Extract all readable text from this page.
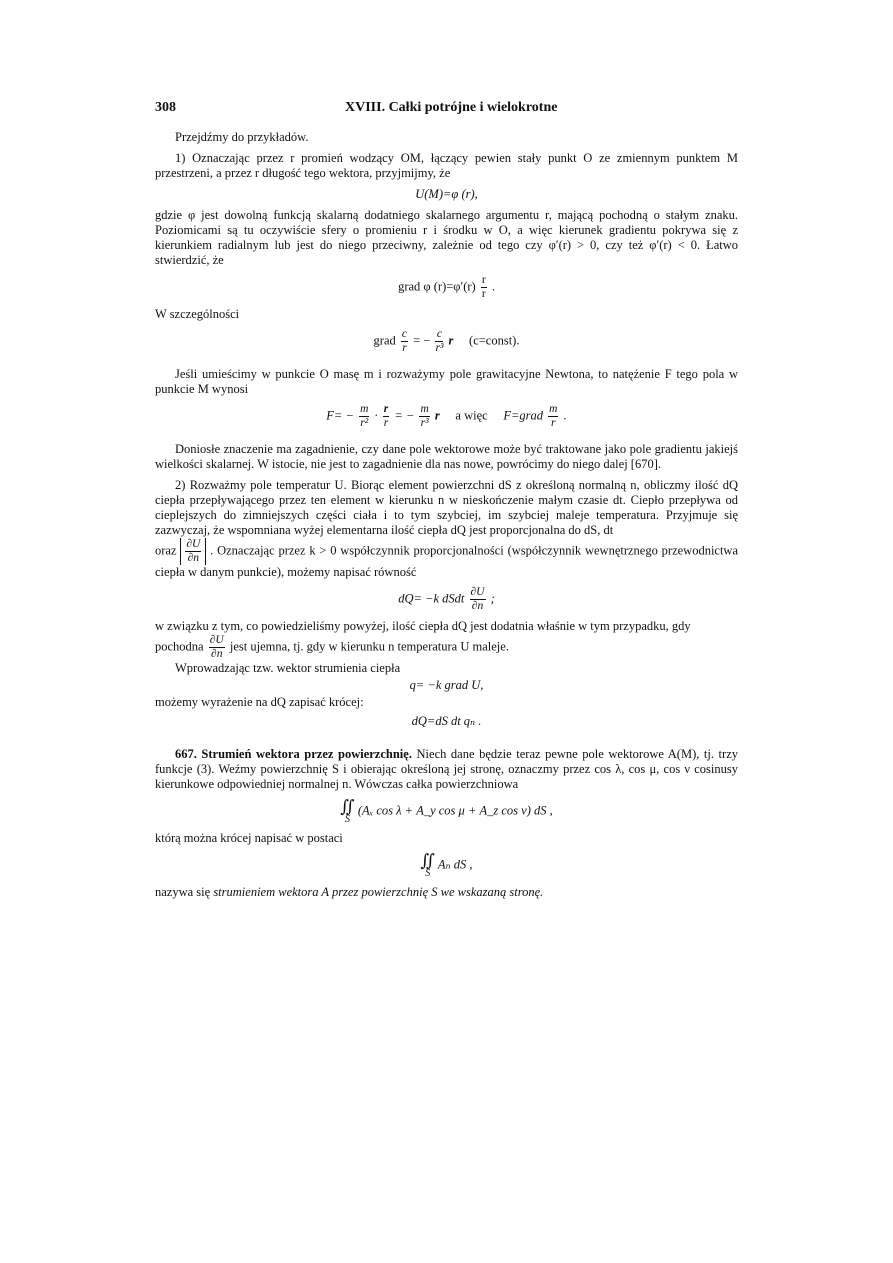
308	XVIII. Całki potrójne i wielokrotne

Przejdźmy do przykładów.

1) Oznaczając przez r promień wodzący OM, łączący pewien stały punkt O ze zmiennym punktem M przestrzeni, a przez r długość tego wektora, przyjmijmy, że

U(M)=φ (r),

gdzie φ jest dowolną funkcją skalarną dodatniego skalarnego argumentu r, mającą pochodną o stałym znaku. Poziomicami są tu oczywiście sfery o promieniu r i środku w O, a więc kierunek gradientu pokrywa się z kierunkiem radialnym lub jest do niego przeciwny, zależnie od tego czy φ′(r) > 0, czy też φ′(r) < 0. Łatwo stwierdzić, że

grad φ $(r)=\varphi'(r) \frac{r}{r}$ .

W szczególności

grad $\frac{c}{r}$ = − $\frac{c}{\text{r³}}$ r (c=const).

Jeśli umieścimy w punkcie O masę m i rozważymy pole grawitacyjne Newtona, to natężenie F tego pola w punkcie M wynosi

$F= - \frac{m}{\text{r²}} \cdot \frac{r}{r}$ = − $\frac{m}{\text{r³}}$ r a więc F=grad $\frac{m}{r}$ .

Doniosłe znaczenie ma zagadnienie, czy dane pole wektorowe może być traktowane jako pole gradientu jakiejś wielkości skalarnej. W istocie, nie jest to zagadnienie dla nas nowe, powrócimy do niego dalej [670].

2) Rozważmy pole temperatur U. Biorąc element powierzchni dS z określoną normalną n, obliczmy ilość dQ ciepła przepływającego przez ten element w kierunku n w nieskończenie małym czasie dt. Ciepło przepływa od cieplejszych do zimniejszych części ciała i to tym szybciej, im szybciej maleje temperatura. Przyjmuje się zazwyczaj, że wspomniana wyżej elementarna ilość ciepła dQ jest proporcjonalna do dS, dt

oraz $\frac{\partial U}{\partial n}$ . Oznaczając przez k > 0 współczynnik proporcjonalności (współczynnik wewnętrznego przewodnictwa ciepła w danym punkcie), możemy napisać równość

dQ= −k dSdt $\frac{\partial U}{\partial n}$ ;

w związku z tym, co powiedzieliśmy powyżej, ilość ciepła dQ jest dodatnia właśnie w tym przypadku, gdy

pochodna $\frac{\partial U}{\partial n}$ jest ujemna, tj. gdy w kierunku n temperatura U maleje.

Wprowadzając tzw. wektor strumienia ciepła

q= −k grad U,

możemy wyrażenie na dQ zapisać krócej:

dQ=dS dt qₙ .

667. Strumień wektora przez powierzchnię. Niech dane będzie teraz pewne pole wektorowe A(M), tj. trzy funkcje (3). Weźmy powierzchnię S i obierając określoną jej stronę, oznaczmy przez cos λ, cos μ, cos ν cosinusy kierunkowe odpowiedniej normalnej n. Wówczas całka powierzchniowa

∬
S
(Aₓ cos λ + A_y cos μ + A_z cos ν) dS ,

którą można krócej napisać w postaci

∬
S
Aₙ dS ,

nazywa się strumieniem wektora A przez powierzchnię S we wskazaną stronę.
